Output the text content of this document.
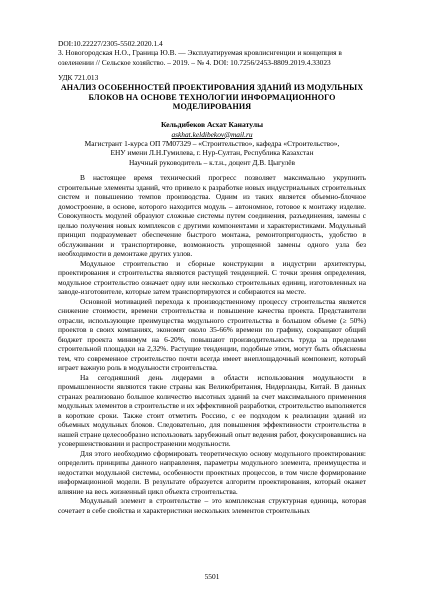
DOI:10.22227/2305-5502.2020.1.4

3. Новогородская Н.О., Граница Ю.В. — Эксплуатируемая кровлиснгенции и концепция в озеленении // Сельское хозяйство. – 2019. – № 4. DOI: 10.7256/2453-8809.2019.4.33023

УДК 721.013

АНАЛИЗ ОСОБЕННОСТЕЙ ПРОЕКТИРОВАНИЯ ЗДАНИЙ ИЗ МОДУЛЬНЫХ БЛОКОВ НА ОСНОВЕ ТЕХНОЛОГИИ ИНФОРМАЦИОННОГО МОДЕЛИРОВАНИЯ

Кельдибеков Асхат Канатулы

askhat.keldibekov@mail.ru

Магистрант 1-курса ОП 7М07329 – «Строительство», кафедра «Строительство»,

ЕНУ имени Л.Н.Гумилева, г. Нур-Султан, Республика Казахстан

Научный руководитель – к.т.н., доцент Д.В. Цыгулёв

В настоящее время технический прогресс позволяет максимально укрупнить строительные элементы зданий, что привело к разработке новых индустриальных строительных систем и повышению темпов производства. Одним из таких является объемно-блочное домостроение, в основе, которого находится модуль – автономное, готовое к монтажу изделие. Совокупность модулей образуют сложные системы путем соединения, разъединения, замены с целью получения новых комплексов с другими компонентами и характеристиками. Модульный принцип подразумевает обеспечение быстрого монтажа, ремонтопригодность, удобство в обслуживании и транспортировке, возможность упрощенной замены одного узла без необходимости в демонтаже других узлов.

Модульное строительство и сборные конструкции в индустрии архитектуры, проектирования и строительства являются растущей тенденцией. С точки зрения определения, модульное строительство означает одну или несколько строительных единиц, изготовленных на заводе-изготовителе, которые затем транспортируются и собираются на месте.

Основной мотивацией перехода к производственному процессу строительства является снижение стоимости, времени строительства и повышение качества проекта. Представители отрасли, использующие преимущества модульного строительства в большом объеме (≥ 50%) проектов в своих компаниях, экономят около 35-66% времени по графику, сокращают общий бюджет проекта минимум на 6-20%, повышают производительность труда за пределами строительной площадки на 2,32%. Растущие тенденции, подобные этим, могут быть объяснены тем, что современное строительство почти всегда имеет внеплощадочный компонент, который играет важную роль в модульности строительства.

На сегодняшний день лидерами в области использования модульности в промышленности являются такие страны как Великобритания, Нидерланды, Китай. В данных странах реализовано большое количество высотных зданий за счет максимального применения модульных элементов в строительстве и их эффективной разработки, строительство выполняется в короткие сроки. Также стоит отметить Россию, с ее подходом к реализации зданий из объемных модульных блоков. Следовательно, для повышения эффективности строительства в нашей стране целесообразно использовать зарубежный опыт ведения работ, фокусировавшись на усовершенствовании и распространении модульности.

Для этого необходимо сформировать теоретическую основу модульного проектирования: определить принципы данного направления, параметры модульного элемента, преимущества и недостатки модульной системы, особенности проектных процессов, в том числе формирование информационной модели. В результате образуется алгоритм проектирования, который окажет влияние на весь жизненный цикл объекта строительства.

Модульный элемент в строительстве – это комплексная структурная единица, которая сочетает в себе свойства и характеристики нескольких элементов строительных

5501
